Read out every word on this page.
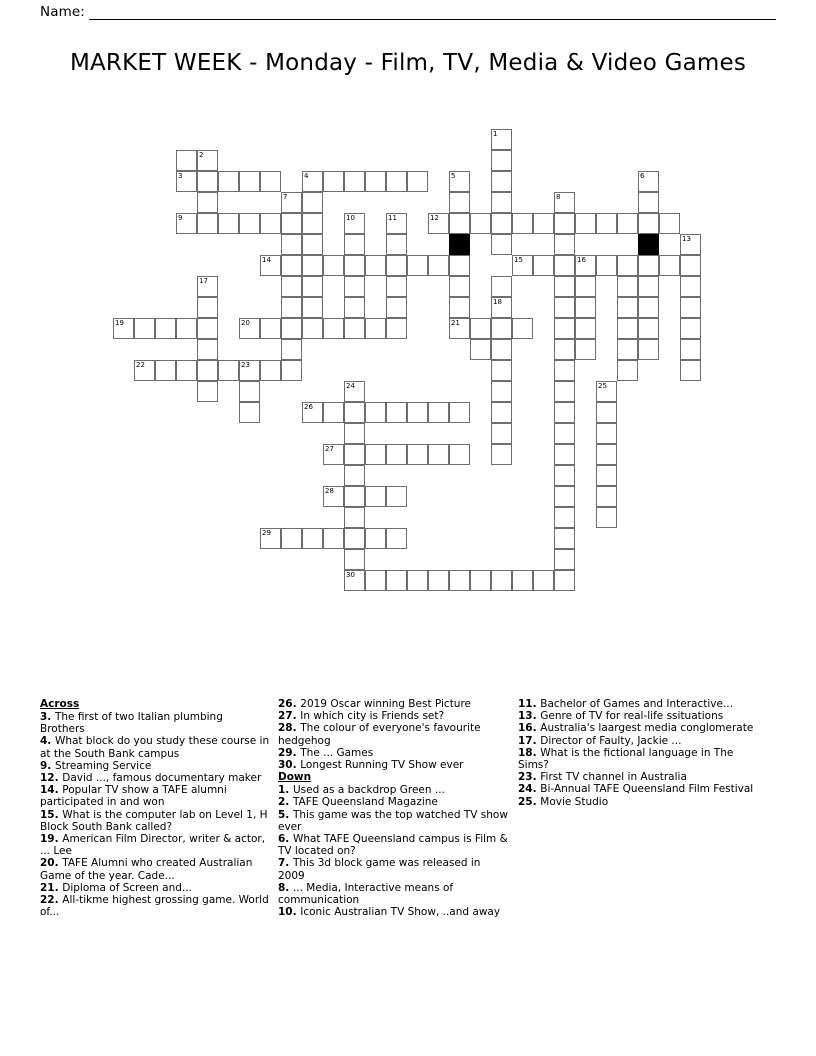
Name:
MARKET WEEK - Monday - Film, TV, Media & Video Games
1
2
3	4	5	6
7
9	10	11
8
12
13
14	15	16
17
18
19	20	21
22	23
24	25
26
27
28
29
30
Across
3. The first of two Italian plumbing Brothers
4. What block do you study these course in at the South Bank campus
9. Streaming Service
12. David ..., famous documentary maker
14. Popular TV show a TAFE alumni participated in and won
15. What is the computer lab on Level 1, H Block South Bank called?
19. American Film Director, writer & actor, ... Lee
20. TAFE Alumni who created Australian Game of the year. Cade...
21. Diploma of Screen and...
22. All-tikme highest grossing game. World of...
26. 2019 Oscar winning Best Picture
27. In which city is Friends set?
28. The colour of everyone's favourite hedgehog
29. The ... Games
30. Longest Running TV Show ever
Down
1. Used as a backdrop Green ...
2. TAFE Queensland Magazine
5. This game was the top watched TV show ever
6. What TAFE Queensland campus is Film & TV located on?
7. This 3d block game was released in 2009
8. ... Media, Interactive means of communication
10. Iconic Australian TV Show, ..and away
11. Bachelor of Games and Interactive...
13. Genre of TV for real-life ssituations
16. Australia's laargest media conglomerate
17. Director of Faulty, Jackie ...
18. What is the fictional language in The Sims?
23. First TV channel in Australia
24. Bi-Annual TAFE Queensland Film Festival
25. Movie Studio
